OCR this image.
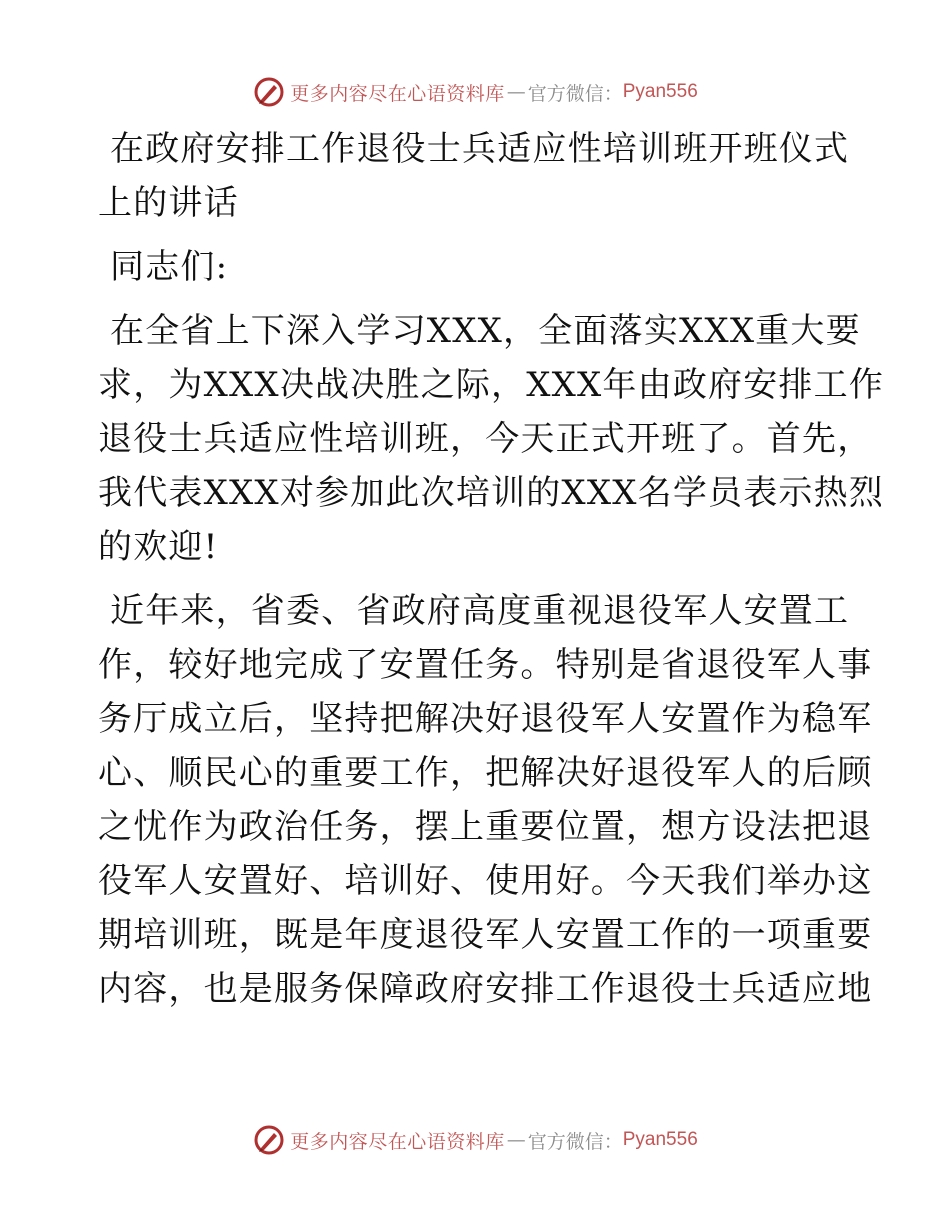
更多内容尽在心语资料库 — 官方微信： Pyan556
在政府安排工作退役士兵适应性培训班开班仪式
上的讲话
同志们:
在全省上下深入学习XXX，全面落实XXX重大要
求，为XXX决战决胜之际，XXX年由政府安排工作
退役士兵适应性培训班，今天正式开班了。首先，
我代表XXX对参加此次培训的XXX名学员表示热烈
的欢迎!
近年来，省委、省政府高度重视退役军人安置工
作，较好地完成了安置任务。特别是省退役军人事
务厅成立后，坚持把解决好退役军人安置作为稳军
心、顺民心的重要工作，把解决好退役军人的后顾
之忧作为政治任务，摆上重要位置，想方设法把退
役军人安置好、培训好、使用好。今天我们举办这
期培训班，既是年度退役军人安置工作的一项重要
内容，也是服务保障政府安排工作退役士兵适应地
更多内容尽在心语资料库 — 官方微信： Pyan556
